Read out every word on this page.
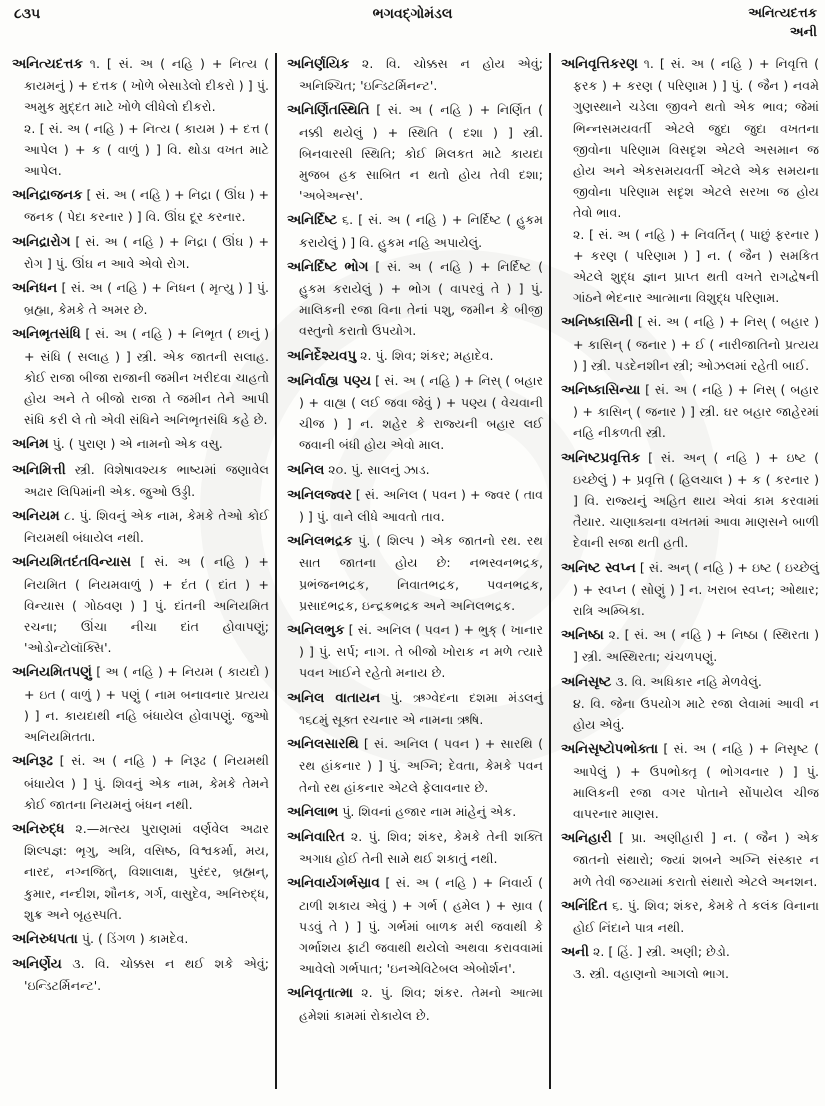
૮૩૫	ભગવદ્ગોમંડલ	અનિત્યદત્તક
અની

અનિત્યદત્તક ૧. [ સં. અ ( નહિ ) + નિત્ય ( કાયમનું ) + દત્તક ( ખોળે બેસાડેલો દીકરો ) ] પું. અમુક મુદ્દત માટે ખોળે લીધેલો દીકરો.

૨. [ સં. અ ( નહિ ) + નિત્ય ( કાયમ ) + દત્ત ( આપેલ ) + ક ( વાળું ) ] વિ. થોડા વખત માટે આપેલ.

અનિદ્રાજનક [ સં. અ ( નહિ ) + નિદ્રા ( ઊંઘ ) + જનક ( પેદા કરનાર ) ] વિ. ઊંઘ દૂર કરનાર.

અનિદ્રારોગ [ સં. અ ( નહિ ) + નિદ્રા ( ઊંઘ ) + રોગ ] પું. ઊંઘ ન આવે એવો રોગ.

અનિધન [ સં. અ ( નહિ ) + નિધન ( મૃત્યુ ) ] પું. બ્રહ્મા, કેમકે તે અમર છે.

અનિભૃતસંધિ [ સં. અ ( નહિ ) + નિભૃત ( છાનું ) + સંધિ ( સલાહ ) ] સ્ત્રી. એક જાતની સલાહ. કોઈ રાજા બીજા રાજાની જમીન ખરીદવા ચાહતો હોય અને તે બીજો રાજા તે જમીન તેને આપી સંધિ કરી લે તો એવી સંધિને અનિભૃતસંધિ કહે છે.

અનિમ પું. ( પુરાણ ) એ નામનો એક વસુ.

અનિમિત્તી સ્ત્રી. વિશેષાવશ્યક ભાષ્યમાં જણાવેલ અઢાર લિપિમાંની એક. જુઓ ઉડ્ડી.

અનિયમ ૮. પું. શિવનું એક નામ, કેમકે તેઓ કોઈ નિયમથી બંધાયેલ નથી.

અનિયમિતદંતવિન્યાસ [ સં. અ ( નહિ ) + નિયમિત ( નિયમવાળું ) + દંત ( દાંત ) + વિન્યાસ ( ગોઠવણ ) ] પું. દાંતની અનિયમિત રચના; ઊંચા નીચા દાંત હોવાપણું; 'ઓડોન્ટોલૉક્સિ'.

અનિયમિતપણું [ અ ( નહિ ) + નિયમ ( કાયદો ) + ઇત ( વાળું ) + પણું ( નામ બનાવનાર પ્રત્યય ) ] ન. કાયદાથી નહિ બંધાયેલ હોવાપણું. જુઓ અનિયમિતતા.

અનિરૂઢ [ સં. અ ( નહિ ) + નિરૂઢ ( નિયમથી બંધાયેલ ) ] પું. શિવનું એક નામ, કેમકે તેમને કોઈ જાતના નિયમનું બંધન નથી.

અનિરુદ્ધ ૨.—મત્સ્ય પુરાણમાં વર્ણવેલ અઢાર શિલ્પજ્ઞ: ભૃગુ, અત્રિ, વસિષ્ઠ, વિશ્વકર્મા, મય, નારદ, નગ્નજિત્, વિશાલાક્ષ, પુરંદર, બ્રહ્મન્, કુમાર, નન્દીશ, શૌનક, ગર્ગ, વાસુદેવ, અનિરુદ્ધ, શુક્ર અને બૃહસ્પતિ.

અનિરુધપતા પું. ( ડિંગળ ) કામદેવ.

અનિર્ણેય ૩. વિ. ચોક્કસ ન થઈ શકે એવું; 'ઇન્ડિટર્મિનન્ટ'.

અનિર્ણયિક ૨. વિ. ચોક્કસ ન હોય એવું; અનિશ્ચિત; 'ઇન્ડિટર્મિનન્ટ'.

અનિર્ણિતસ્થિતિ [ સં. અ ( નહિ ) + નિર્ણિત ( નક્કી થયેલું ) + સ્થિતિ ( દશા ) ] સ્ત્રી. બિનવારસી સ્થિતિ; કોઈ મિલકત માટે કાયદા મુજબ હક સાબિત ન થતો હોય તેવી દશા; 'અબેઅન્સ'.

અનિર્દિષ્ટ ૬. [ સં. અ ( નહિ ) + નિર્દિષ્ટ ( હુકમ કરાયેલું ) ] વિ. હુકમ નહિ અપાયેલું.

અનિર્દિષ્ટ ભોગ [ સં. અ ( નહિ ) + નિર્દિષ્ટ ( હુકમ કરાયેલું ) + ભોગ ( વાપરવું તે ) ] પું. માલિકની રજા વિના તેનાં પશુ, જમીન કે બીજી વસ્તુનો કરાતો ઉપયોગ.

અનિર્દેશ્યવપુ ૨. પું. શિવ; શંકર; મહાદેવ.

અનિર્વાહ્ય પણ્ય [ સં. અ ( નહિ ) + નિસ્ ( બહાર ) + વાહ્ય ( લઈ જવા જેવું ) + પણ્ય ( વેચવાની ચીજ ) ] ન. શહેર કે રાજ્યની બહાર લઈ જવાની બંધી હોય એવો માલ.

અનિલ ૨૦. પું. સાલનું ઝાડ.

અનિલજ્વર [ સં. અનિલ ( પવન ) + જ્વર ( તાવ ) ] પું. વાને લીધે આવતો તાવ.

અનિલભદ્રક પું. ( શિલ્પ ) એક જાતનો રથ. રથ સાત જાતના હોય છે: નભસ્વનભદ્રક, પ્રભંજનભદ્રક, નિવાતભદ્રક, પવનભદ્રક, પ્રસાદભદ્રક, ઇન્દ્રકભદ્રક અને અનિલભદ્રક.

અનિલભુક [ સં. અનિલ ( પવન ) + ભુક્ ( ખાનાર ) ] પું. સર્પ; નાગ. તે બીજો ખોરાક ન મળે ત્યારે પવન ખાઈને રહેતો મનાય છે.

અનિલ વાતાયન પું. ઋગ્વેદના દશમા મંડલનું ૧૬૮મું સૂક્ત રચનાર એ નામના ઋષિ.

અનિલસારથિ [ સં. અનિલ ( પવન ) + સારથિ ( રથ હાંકનાર ) ] પું. અગ્નિ; દેવતા, કેમકે પવન તેનો રથ હાંકનાર એટલે ફેલાવનાર છે.

અનિલાભ પું. શિવનાં હજાર નામ માંહેનું એક.

અનિવારિત ૨. પું. શિવ; શંકર, કેમકે તેની શક્તિ અગાધ હોઈ તેની સામે થઈ શકાતું નથી.

અનિવાર્યગર્ભસ્રાવ [ સં. અ ( નહિ ) + નિવાર્ય ( ટાળી શકાય એવું ) + ગર્ભ ( હમેલ ) + સ્રાવ ( પડવું તે ) ] પું. ગર્ભમાં બાળક મરી જવાથી કે ગર્ભાશય ફાટી જવાથી થયેલો અથવા કરાવવામાં આવેલો ગર્ભપાત; 'ઇનએવિટેબલ એબોર્શન'.

અનિવૃતાત્મા ૨. પું. શિવ; શંકર. તેમનો આત્મા હમેશાં કામમાં રોકાયેલ છે.

અનિવૃત્તિકરણ ૧. [ સં. અ ( નહિ ) + નિવૃત્તિ ( ફરક ) + કરણ ( પરિણામ ) ] પું. ( જૈન ) નવમે ગુણસ્થાને ચડેલા જીવને થતો એક ભાવ; જેમાં ભિન્નસમયવર્તી એટલે જુદા જુદા વખતના જીવોના પરિણામ વિસદૃશ એટલે અસમાન જ હોય અને એકસમયવર્તી એટલે એક સમયના જીવોના પરિણામ સદૃશ એટલે સરખા જ હોય તેવો ભાવ.

૨. [ સં. અ ( નહિ ) + નિવર્તિન્ ( પાછું ફરનાર ) + કરણ ( પરિણામ ) ] ન. ( જૈન ) સમકિત એટલે શુદ્ધ જ્ઞાન પ્રાપ્ત થતી વખતે રાગદ્વેષની ગાંઠને ભેદનાર આત્માના વિશુદ્ધ પરિણામ.

અનિષ્કાસિની [ સં. અ ( નહિ ) + નિસ્ ( બહાર ) + કાસિન્ ( જનાર ) + ઈ ( નારીજાતિનો પ્રત્યય ) ] સ્ત્રી. પડદેનશીન સ્ત્રી; ઓઝલમાં રહેતી બાઈ.

અનિષ્કાસિન્યા [ સં. અ ( નહિ ) + નિસ્ ( બહાર ) + કાસિન્ ( જનાર ) ] સ્ત્રી. ઘર બહાર જાહેરમાં નહિ નીકળતી સ્ત્રી.

અનિષ્ટપ્રવૃત્તિક [ સં. અન્ ( નહિ ) + ઇષ્ટ ( ઇચ્છેલું ) + પ્રવૃત્તિ ( હિલચાલ ) + ક ( કરનાર ) ] વિ. રાજ્યનું અહિત થાય એવાં કામ કરવામાં તૈયાર. ચાણાક્યના વખતમાં આવા માણસને બાળી દેવાની સજા થતી હતી.

અનિષ્ટ સ્વપ્ન [ સં. અન્ ( નહિ ) + ઇષ્ટ ( ઇચ્છેલું ) + સ્વપ્ન ( સોણું ) ] ન. ખરાબ સ્વપ્ન; ઓથાર; રાત્રિ અમ્બિકા.

અનિષ્ઠા ૨. [ સં. અ ( નહિ ) + નિષ્ઠા ( સ્થિરતા ) ] સ્ત્રી. અસ્થિરતા; ચંચળપણું.

અનિસૃષ્ટ ૩. વિ. અધિકાર નહિ મેળવેલું.

૪. વિ. જેના ઉપયોગ માટે રજા લેવામાં આવી ન હોય એવું.

અનિસૃષ્ટોપભોક્તા [ સં. અ ( નહિ ) + નિસૃષ્ટ ( આપેલું ) + ઉપભોક્તૃ ( ભોગવનાર ) ] પું. માલિકની રજા વગર પોતાને સોંપાયેલ ચીજ વાપરનાર માણસ.

અનિહારી [ પ્રા. અણીહારી ] ન. ( જૈન ) એક જાતનો સંથારો; જ્યાં શબને અગ્નિ સંસ્કાર ન મળે તેવી જગ્યામાં કરાતો સંથારો એટલે અનશન.

અનિંદિત ૬. પું. શિવ; શંકર, કેમકે તે કલંક વિનાના હોઈ નિંદાને પાત્ર નથી.

અની ૨. [ હિં. ] સ્ત્રી. અણી; છેડો.

૩. સ્ત્રી. વહાણનો આગલો ભાગ.
